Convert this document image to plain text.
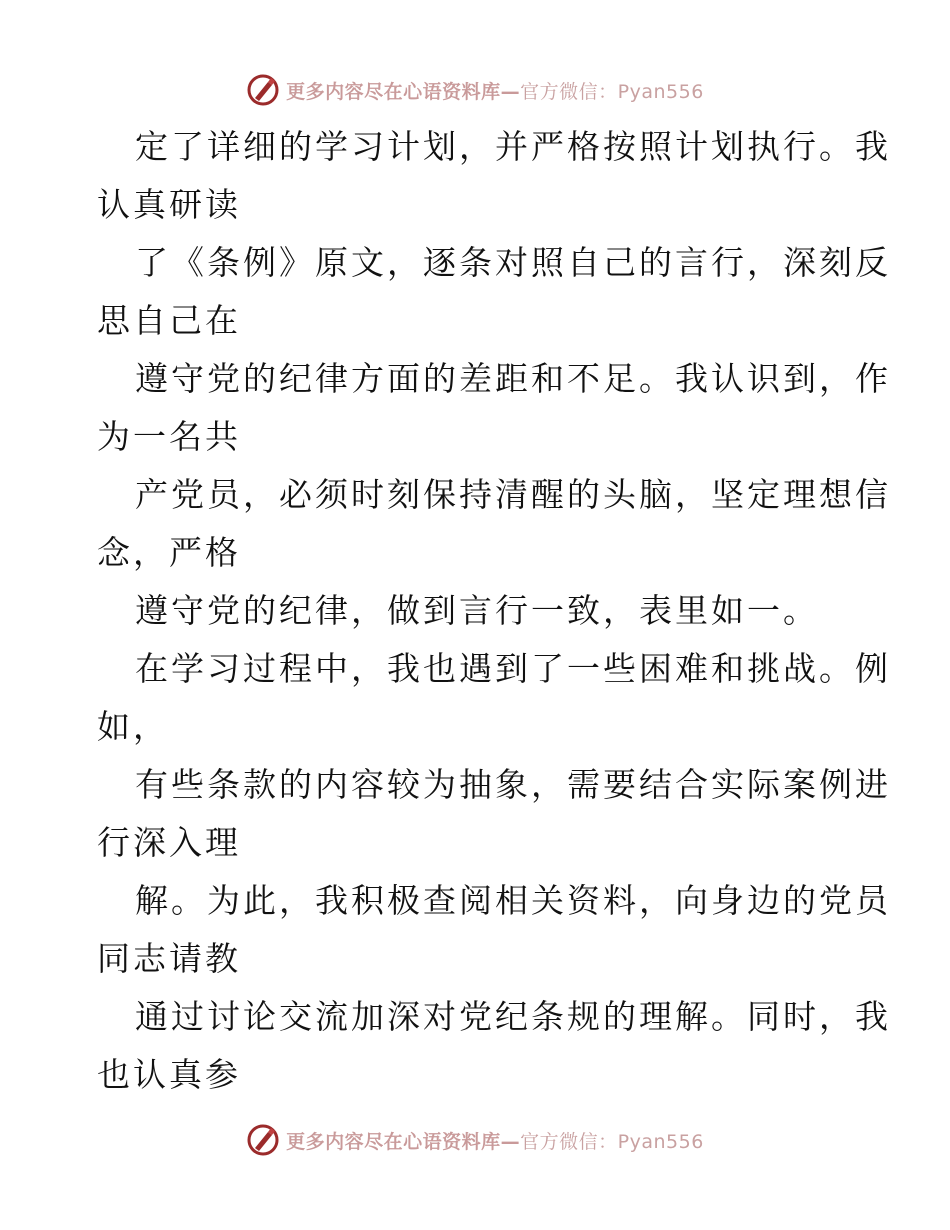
更多内容尽在心语资料库—官方微信：Pyan556
定了详细的学习计划，并严格按照计划执行。我
认真研读
了《条例》原文，逐条对照自己的言行，深刻反
思自己在
遵守党的纪律方面的差距和不足。我认识到，作
为一名共
产党员，必须时刻保持清醒的头脑，坚定理想信
念，严格
遵守党的纪律，做到言行一致，表里如一。
在学习过程中，我也遇到了一些困难和挑战。例
如，
有些条款的内容较为抽象，需要结合实际案例进
行深入理
解。为此，我积极查阅相关资料，向身边的党员
同志请教
通过讨论交流加深对党纪条规的理解。同时，我
也认真参
更多内容尽在心语资料库—官方微信：Pyan556
